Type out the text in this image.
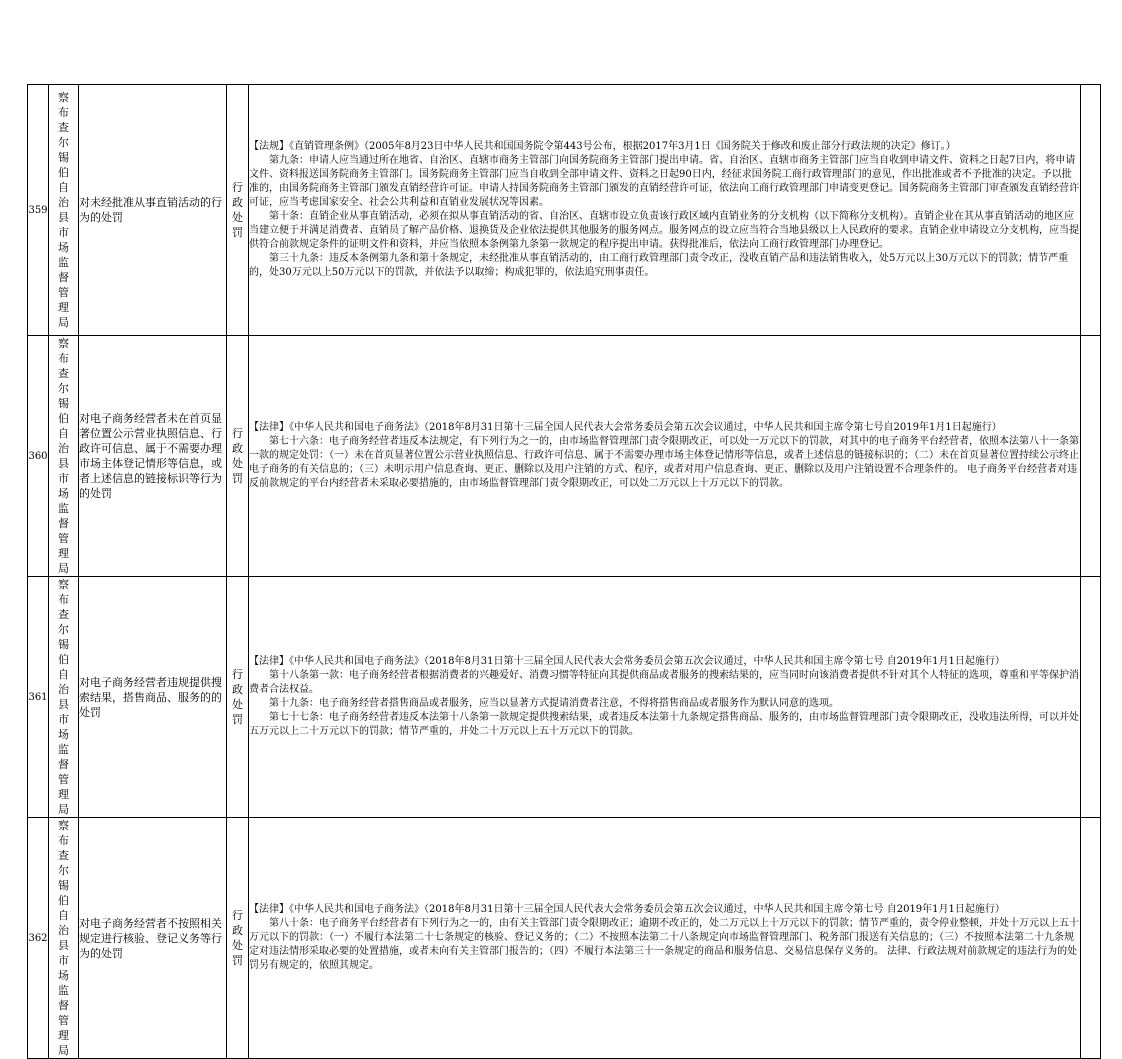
359	察布查尔锡伯自治县市场监督管理局	对未经批准从事直销活动的行为的处罚	行政处罚	【法规】《直销管理条例》（2005年8月23日中华人民共和国国务院令第443号公布，根据2017年3月1日《国务院关于修改和废止部分行政法规的决定》修订。）
第九条：申请人应当通过所在地省、自治区、直辖市商务主管部门向国务院商务主管部门提出申请。省、自治区、直辖市商务主管部门应当自收到申请文件、资料之日起7日内，将申请文件、资料报送国务院商务主管部门。国务院商务主管部门应当自收到全部申请文件、资料之日起90日内，经征求国务院工商行政管理部门的意见，作出批准或者不予批准的决定。予以批准的，由国务院商务主管部门颁发直销经营许可证。申请人持国务院商务主管部门颁发的直销经营许可证，依法向工商行政管理部门申请变更登记。国务院商务主管部门审查颁发直销经营许可证，应当考虑国家安全、社会公共利益和直销业发展状况等因素。
第十条：直销企业从事直销活动，必须在拟从事直销活动的省、自治区、直辖市设立负责该行政区域内直销业务的分支机构（以下简称分支机构）。直销企业在其从事直销活动的地区应当建立便于并满足消费者、直销员了解产品价格、退换货及企业依法提供其他服务的服务网点。服务网点的设立应当符合当地县级以上人民政府的要求。直销企业申请设立分支机构，应当提供符合前款规定条件的证明文件和资料，并应当依照本条例第九条第一款规定的程序提出申请。获得批准后，依法向工商行政管理部门办理登记。
第三十九条：违反本条例第九条和第十条规定，未经批准从事直销活动的，由工商行政管理部门责令改正，没收直销产品和违法销售收入，处5万元以上30万元以下的罚款；情节严重的，处30万元以上50万元以下的罚款，并依法予以取缔；构成犯罪的，依法追究刑事责任。	

360	察布查尔锡伯自治县市场监督管理局	对电子商务经营者未在首页显著位置公示营业执照信息、行政许可信息、属于不需要办理市场主体登记情形等信息，或者上述信息的链接标识等行为的处罚	行政处罚	【法律】《中华人民共和国电子商务法》（2018年8月31日第十三届全国人民代表大会常务委员会第五次会议通过，中华人民共和国主席令第七号自2019年1月1日起施行）
第七十六条：电子商务经营者违反本法规定，有下列行为之一的，由市场监督管理部门责令限期改正，可以处一万元以下的罚款，对其中的电子商务平台经营者，依照本法第八十一条第一款的规定处罚：（一）未在首页显著位置公示营业执照信息、行政许可信息、属于不需要办理市场主体登记情形等信息，或者上述信息的链接标识的；（二）未在首页显著位置持续公示终止电子商务的有关信息的；（三）未明示用户信息查询、更正、删除以及用户注销的方式、程序，或者对用户信息查询、更正、删除以及用户注销设置不合理条件的。 电子商务平台经营者对违反前款规定的平台内经营者未采取必要措施的，由市场监督管理部门责令限期改正，可以处二万元以上十万元以下的罚款。	

361	察布查尔锡伯自治县市场监督管理局	对电子商务经营者违规提供搜索结果，搭售商品、服务的的处罚	行政处罚	【法律】《中华人民共和国电子商务法》（2018年8月31日第十三届全国人民代表大会常务委员会第五次会议通过，中华人民共和国主席令第七号 自2019年1月1日起施行）
第十八条第一款：电子商务经营者根据消费者的兴趣爱好、消费习惯等特征向其提供商品或者服务的搜索结果的，应当同时向该消费者提供不针对其个人特征的选项，尊重和平等保护消费者合法权益。
第十九条：电子商务经营者搭售商品或者服务，应当以显著方式提请消费者注意，不得将搭售商品或者服务作为默认同意的选项。
第七十七条：电子商务经营者违反本法第十八条第一款规定提供搜索结果，或者违反本法第十九条规定搭售商品、服务的，由市场监督管理部门责令限期改正，没收违法所得，可以并处五万元以上二十万元以下的罚款；情节严重的，并处二十万元以上五十万元以下的罚款。	

362	察布查尔锡伯自治县市场监督管理局	对电子商务经营者不按照相关规定进行核验、登记义务等行为的处罚	行政处罚	【法律】《中华人民共和国电子商务法》（2018年8月31日第十三届全国人民代表大会常务委员会第五次会议通过，中华人民共和国主席令第七号 自2019年1月1日起施行）
第八十条：电子商务平台经营者有下列行为之一的，由有关主管部门责令限期改正；逾期不改正的，处二万元以上十万元以下的罚款；情节严重的，责令停业整顿，并处十万元以上五十万元以下的罚款：（一）不履行本法第二十七条规定的核验、登记义务的；（二）不按照本法第二十八条规定向市场监督管理部门、税务部门报送有关信息的；（三）不按照本法第二十九条规定对违法情形采取必要的处置措施，或者未向有关主管部门报告的；（四）不履行本法第三十一条规定的商品和服务信息、交易信息保存义务的。 法律、行政法规对前款规定的违法行为的处罚另有规定的，依照其规定。	
